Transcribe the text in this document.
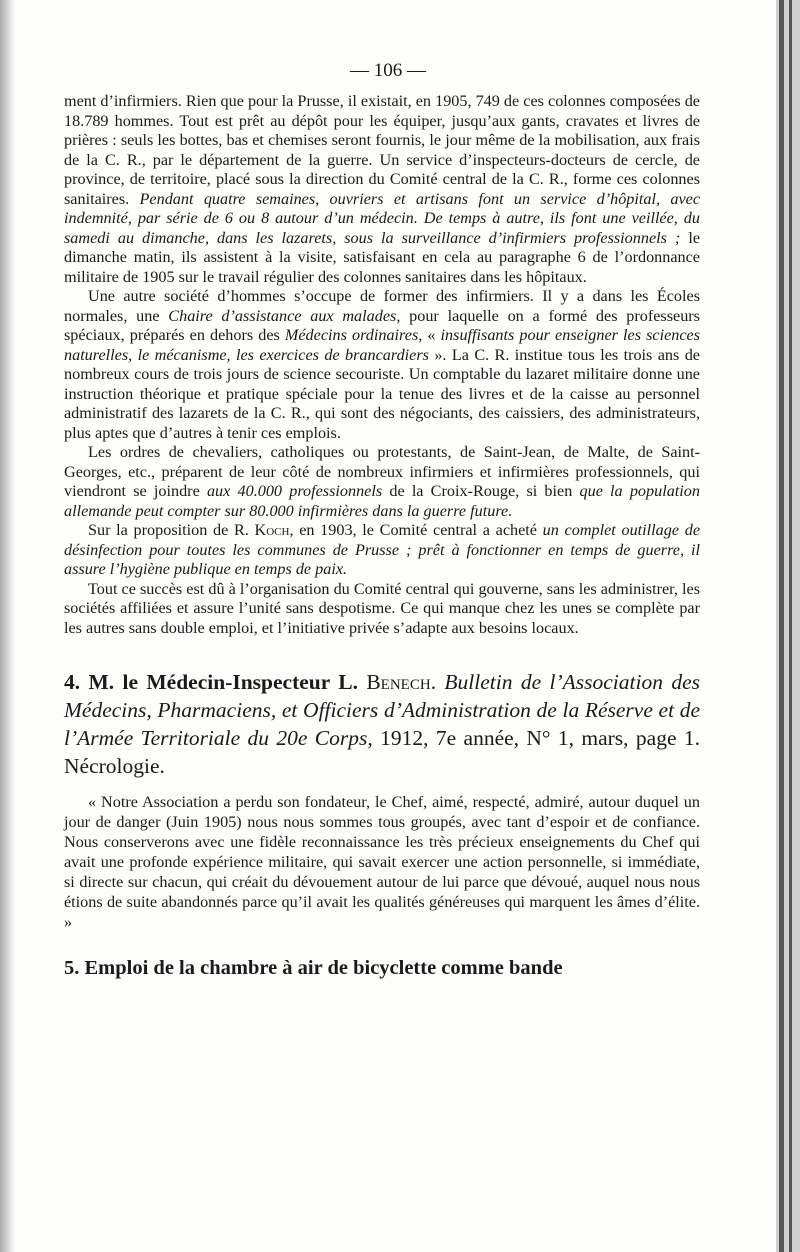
— 106 —

ment d’infirmiers. Rien que pour la Prusse, il existait, en 1905, 749 de ces colonnes composées de 18.789 hommes. Tout est prêt au dépôt pour les équiper, jusqu’aux gants, cravates et livres de prières : seuls les bottes, bas et chemises seront fournis, le jour même de la mobilisation, aux frais de la C. R., par le département de la guerre. Un service d’inspecteurs-docteurs de cercle, de province, de territoire, placé sous la direction du Comité central de la C. R., forme ces colonnes sanitaires. Pendant quatre semaines, ouvriers et artisans font un service d’hôpital, avec indemnité, par série de 6 ou 8 autour d’un médecin. De temps à autre, ils font une veillée, du samedi au dimanche, dans les lazarets, sous la surveillance d’infirmiers professionnels ; le dimanche matin, ils assistent à la visite, satisfaisant en cela au paragraphe 6 de l’ordonnance militaire de 1905 sur le travail régulier des colonnes sanitaires dans les hôpitaux.

Une autre société d’hommes s’occupe de former des infirmiers. Il y a dans les Écoles normales, une Chaire d’assistance aux malades, pour laquelle on a formé des professeurs spéciaux, préparés en dehors des Médecins ordinaires, « insuffisants pour enseigner les sciences naturelles, le mécanisme, les exercices de brancardiers ». La C. R. institue tous les trois ans de nombreux cours de trois jours de science secouriste. Un comptable du lazaret militaire donne une instruction théorique et pratique spéciale pour la tenue des livres et de la caisse au personnel administratif des lazarets de la C. R., qui sont des négociants, des caissiers, des administrateurs, plus aptes que d’autres à tenir ces emplois.

Les ordres de chevaliers, catholiques ou protestants, de Saint-Jean, de Malte, de Saint-Georges, etc., préparent de leur côté de nombreux infirmiers et infirmières professionnels, qui viendront se joindre aux 40.000 professionnels de la Croix-Rouge, si bien que la population allemande peut compter sur 80.000 infirmières dans la guerre future.

Sur la proposition de R. Koch, en 1903, le Comité central a acheté un complet outillage de désinfection pour toutes les communes de Prusse ; prêt à fonctionner en temps de guerre, il assure l’hygiène publique en temps de paix.

Tout ce succès est dû à l’organisation du Comité central qui gouverne, sans les administrer, les sociétés affiliées et assure l’unité sans despotisme. Ce qui manque chez les unes se complète par les autres sans double emploi, et l’initiative privée s’adapte aux besoins locaux.

4. M. le Médecin-Inspecteur L. Benech. Bulletin de l’Association des Médecins, Pharmaciens, et Officiers d’Administration de la Réserve et de l’Armée Territoriale du 20e Corps, 1912, 7e année, N° 1, mars, page 1. Nécrologie.

« Notre Association a perdu son fondateur, le Chef, aimé, respecté, admiré, autour duquel un jour de danger (Juin 1905) nous nous sommes tous groupés, avec tant d’espoir et de confiance. Nous conserverons avec une fidèle reconnaissance les très précieux enseignements du Chef qui avait une profonde expérience militaire, qui savait exercer une action personnelle, si immédiate, si directe sur chacun, qui créait du dévouement autour de lui parce que dévoué, auquel nous nous étions de suite abandonnés parce qu’il avait les qualités généreuses qui marquent les âmes d’élite. »

5. Emploi de la chambre à air de bicyclette comme bande
